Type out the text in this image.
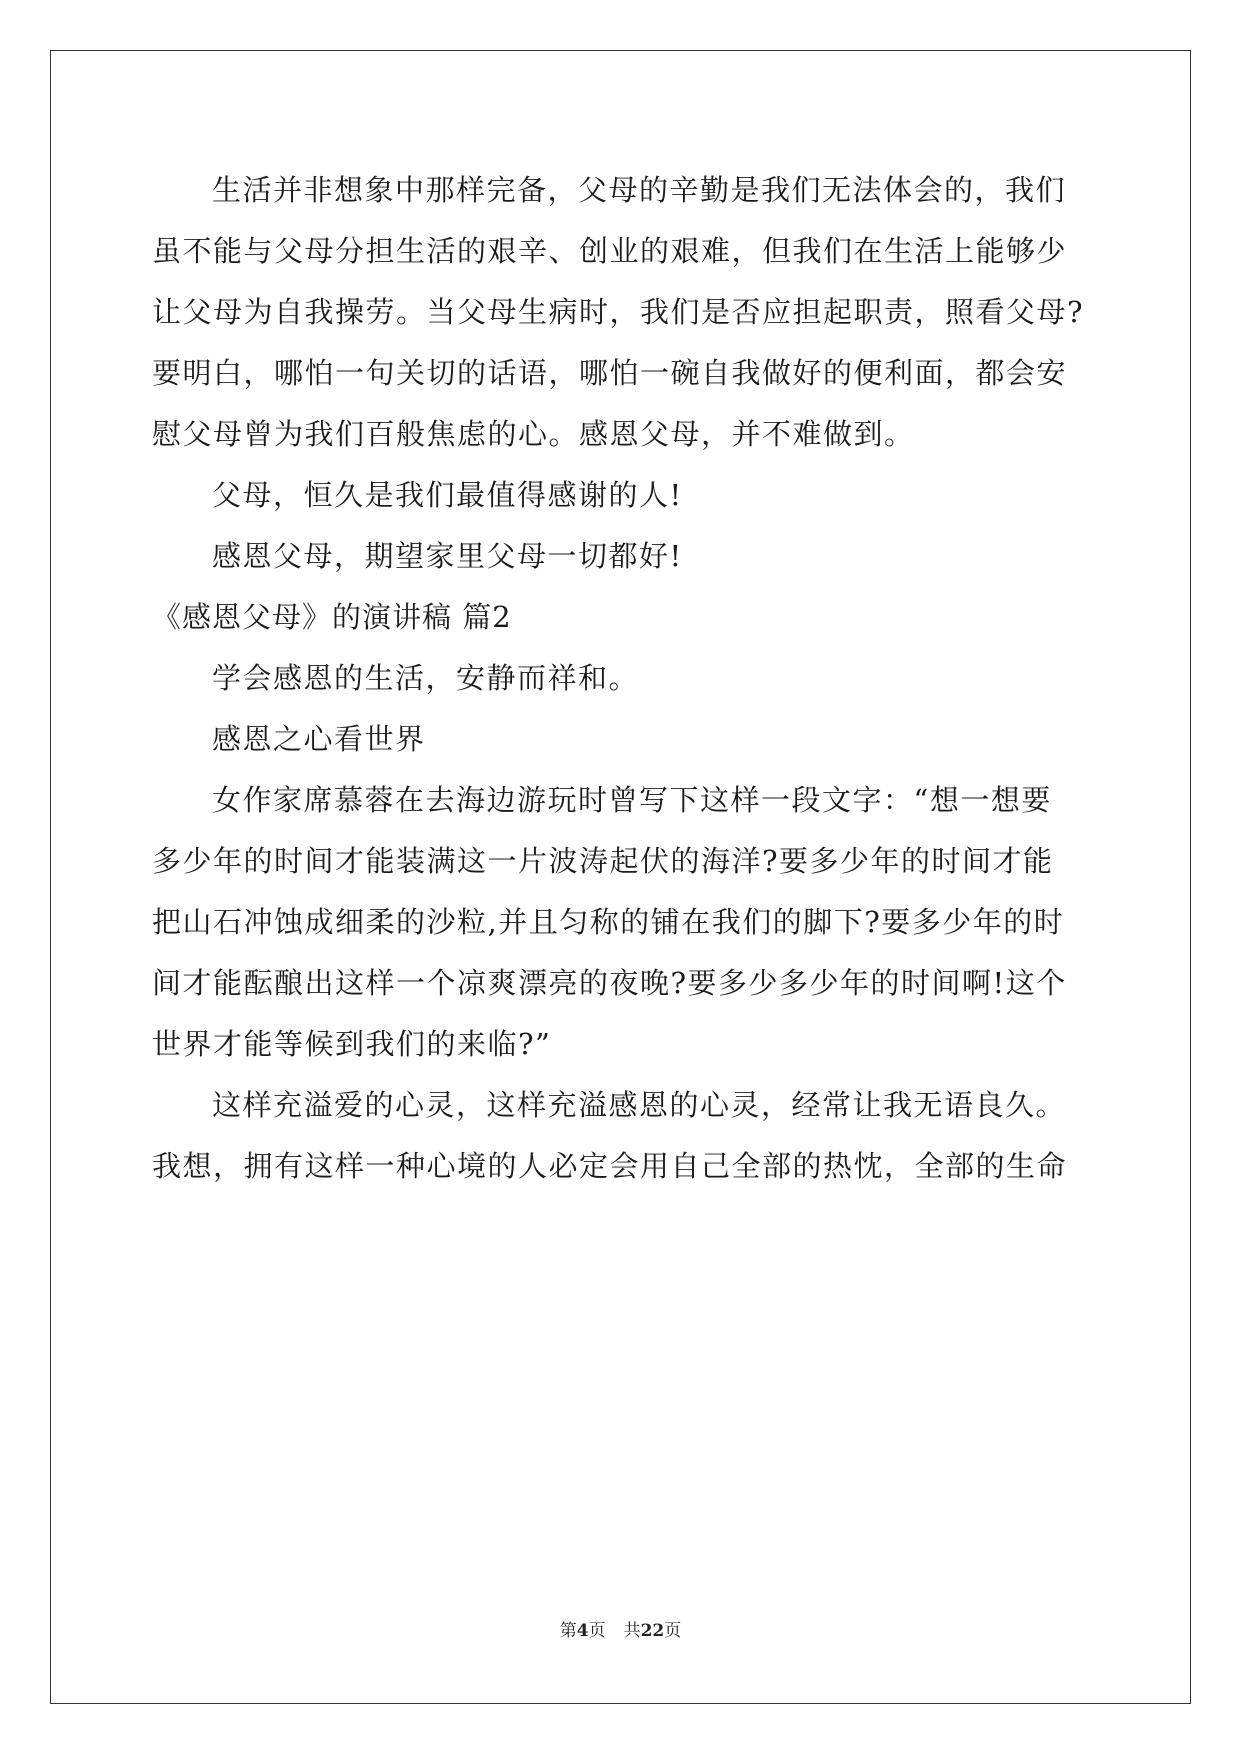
生活并非想象中那样完备，父母的辛勤是我们无法体会的，我们
虽不能与父母分担生活的艰辛、创业的艰难，但我们在生活上能够少
让父母为自我操劳。当父母生病时，我们是否应担起职责，照看父母?
要明白，哪怕一句关切的话语，哪怕一碗自我做好的便利面，都会安
慰父母曾为我们百般焦虑的心。感恩父母，并不难做到。
父母，恒久是我们最值得感谢的人!
感恩父母，期望家里父母一切都好!
《感恩父母》的演讲稿 篇2
学会感恩的生活，安静而祥和。
感恩之心看世界
女作家席慕蓉在去海边游玩时曾写下这样一段文字：“想一想要
多少年的时间才能装满这一片波涛起伏的海洋?要多少年的时间才能
把山石冲蚀成细柔的沙粒,并且匀称的铺在我们的脚下?要多少年的时
间才能酝酿出这样一个凉爽漂亮的夜晚?要多少多少年的时间啊!这个
世界才能等候到我们的来临?”
这样充溢爱的心灵，这样充溢感恩的心灵，经常让我无语良久。
我想，拥有这样一种心境的人必定会用自己全部的热忱，全部的生命
第4页 共22页
